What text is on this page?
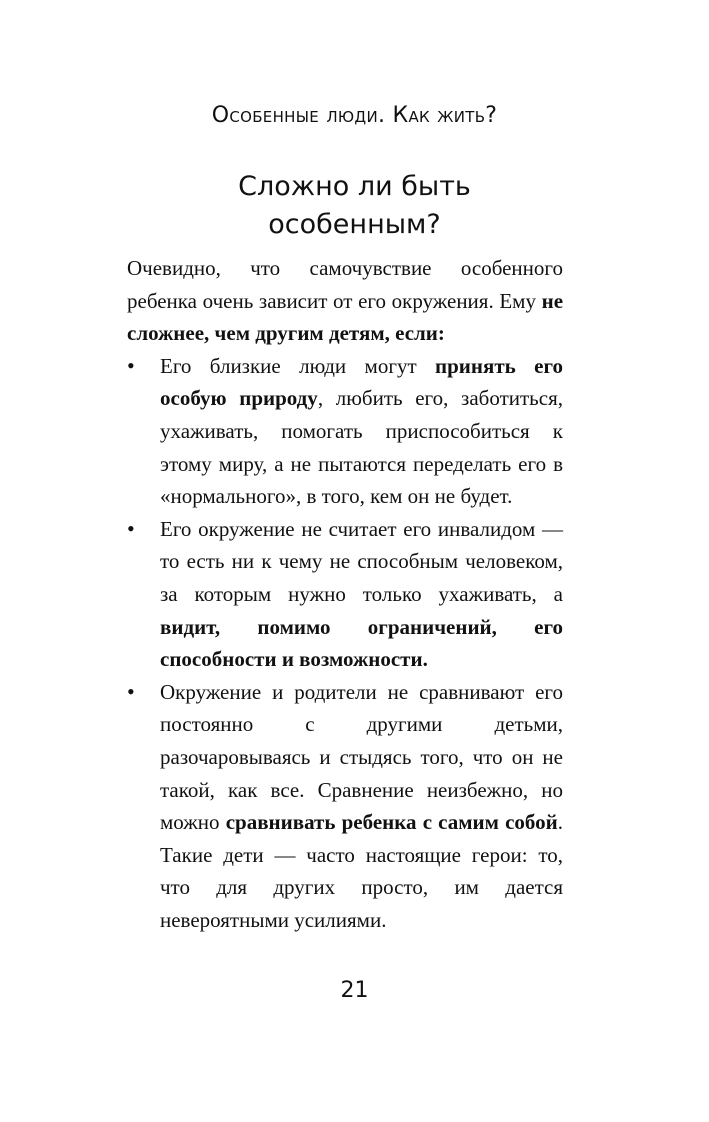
Особенные люди. Как жить?
Сложно ли быть
особенным?

Очевидно, что самочувствие особенного ребенка очень зависит от его окружения. Ему не сложнее, чем другим детям, если:

•	Его близкие люди могут принять его особую природу, любить его, заботиться, ухаживать, помогать приспособиться к этому миру, а не пытаются переделать его в «нормального», в того, кем он не будет.
•	Его окружение не считает его инвалидом — то есть ни к чему не способным человеком, за которым нужно только ухаживать, а видит, помимо ограничений, его способности и возможности.
•	Окружение и родители не сравнивают его постоянно с другими детьми, разочаровываясь и стыдясь того, что он не такой, как все. Сравнение неизбежно, но можно сравнивать ребенка с самим собой. Такие дети — часто настоящие герои: то, что для других просто, им дается невероятными усилиями.
21
